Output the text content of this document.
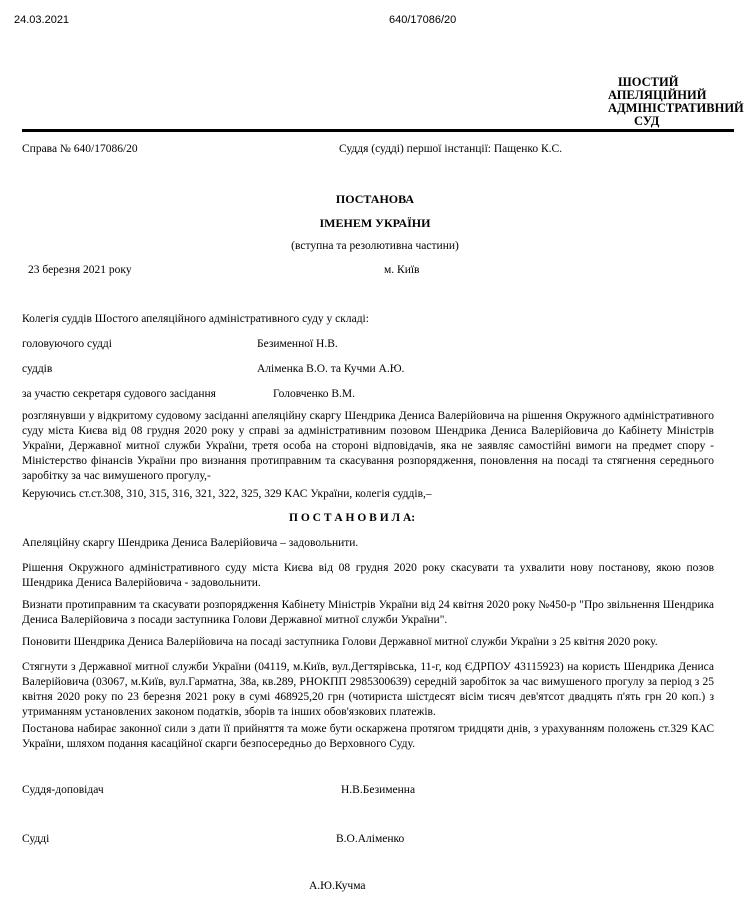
24.03.2021	640/17086/20
ШОСТИЙ
АПЕЛЯЦІЙНИЙ
АДМІНІСТРАТИВНИЙ
СУД
Справа № 640/17086/20	Суддя (судді) першої інстанції: Пащенко К.С.
ПОСТАНОВА
ІМЕНЕМ УКРАЇНИ
(вступна та резолютивна частини)
23 березня 2021 року	м. Київ
Колегія суддів Шостого апеляційного адміністративного суду у складі:
головуючого судді	Безименної Н.В.
суддів	Аліменка В.О. та Кучми А.Ю.
за участю секретаря судового засідання	Головченко В.М.
розглянувши у відкритому судовому засіданні апеляційну скаргу Шендрика Дениса Валерійовича на рішення Окружного адміністративного суду міста Києва від 08 грудня 2020 року у справі за адміністративним позовом Шендрика Дениса Валерійовича до Кабінету Міністрів України, Державної митної служби України, третя особа на стороні відповідачів, яка не заявляє самостійні вимоги на предмет спору - Міністерство фінансів України про визнання протиправним та скасування розпорядження, поновлення на посаді та стягнення середнього заробітку за час вимушеного прогулу,-
Керуючись ст.ст.308, 310, 315, 316, 321, 322, 325, 329 КАС України, колегія суддів,–
П О С Т А Н О В И Л А:
Апеляційну скаргу Шендрика Дениса Валерійовича – задовольнити.
Рішення Окружного адміністративного суду міста Києва від 08 грудня 2020 року скасувати та ухвалити нову постанову, якою позов Шендрика Дениса Валерійовича - задовольнити.
Визнати протиправним та скасувати розпорядження Кабінету Міністрів України від 24 квітня 2020 року №450-р "Про звільнення Шендрика Дениса Валерійовича з посади заступника Голови Державної митної служби України".
Поновити Шендрика Дениса Валерійовича на посаді заступника Голови Державної митної служби України з 25 квітня 2020 року.
Стягнути з Державної митної служби України (04119, м.Київ, вул.Дегтярівська, 11-г, код ЄДРПОУ 43115923) на користь Шендрика Дениса Валерійовича (03067, м.Київ, вул.Гарматна, 38а, кв.289, РНОКПП 2985300639) середній заробіток за час вимушеного прогулу за період з 25 квітня 2020 року по 23 березня 2021 року в сумі 468925,20 грн (чотириста шістдесят вісім тисяч дев'ятсот двадцять п'ять грн 20 коп.) з утриманням установлених законом податків, зборів та інших обов'язкових платежів.
Постанова набирає законної сили з дати її прийняття та може бути оскаржена протягом тридцяти днів, з урахуванням положень ст.329 КАС України, шляхом подання касаційної скарги безпосередньо до Верховного Суду.
Суддя-доповідач	Н.В.Безименна
Судді	В.О.Аліменко
А.Ю.Кучма
